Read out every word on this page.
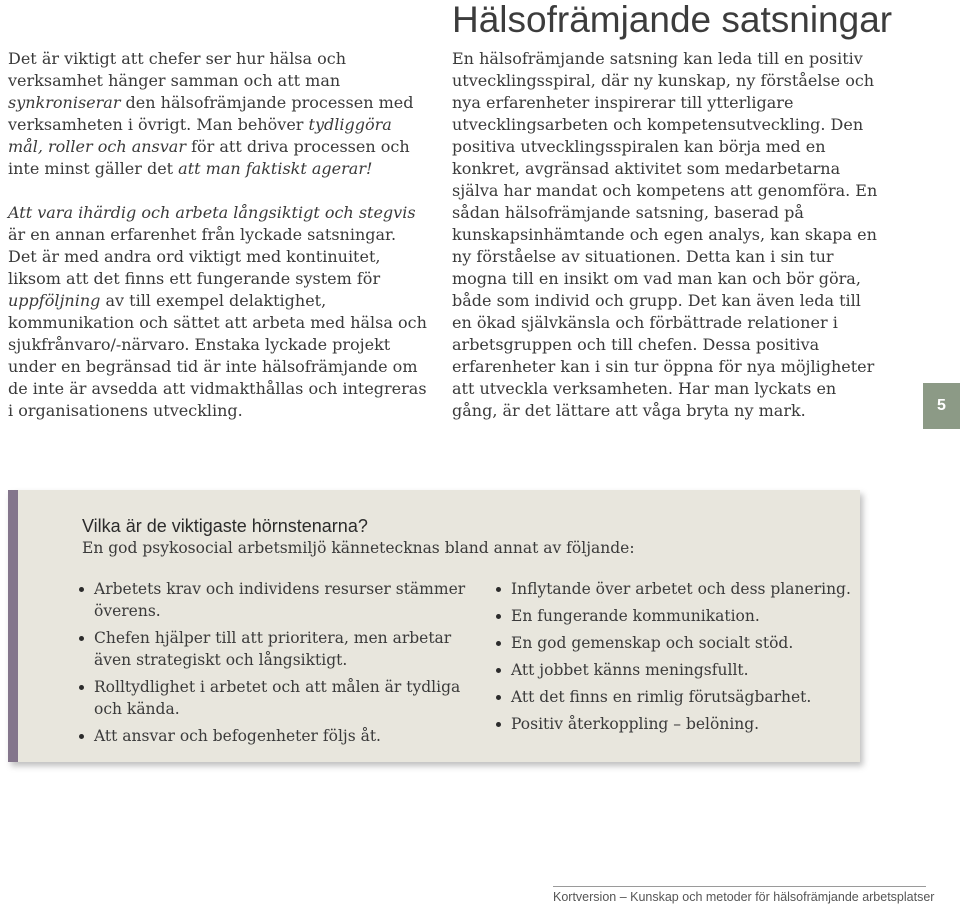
Hälsofrämjande satsningar

Det är viktigt att chefer ser hur hälsa och verksamhet hänger samman och att man synkroniserar den hälsofrämjande processen med verksamheten i övrigt. Man behöver tydliggöra mål, roller och ansvar för att driva processen och inte minst gäller det att man faktiskt agerar!

Att vara ihärdig och arbeta långsiktigt och stegvis är en annan erfarenhet från lyckade satsningar. Det är med andra ord viktigt med kontinuitet, liksom att det finns ett fungerande system för uppföljning av till exempel delaktighet, kommunikation och sättet att arbeta med hälsa och sjukfrånvaro/-närvaro. Enstaka lyckade projekt under en begränsad tid är inte hälsofrämjande om de inte är avsedda att vidmakthållas och integreras i organisationens utveckling.

En hälsofrämjande satsning kan leda till en positiv utvecklingsspiral, där ny kunskap, ny förståelse och nya erfarenheter inspirerar till ytterligare utvecklingsarbeten och kompetensutveckling. Den positiva utvecklingsspiralen kan börja med en konkret, avgränsad aktivitet som medarbetarna själva har mandat och kompetens att genomföra. En sådan hälsofrämjande satsning, baserad på kunskapsinhämtande och egen analys, kan skapa en ny förståelse av situationen. Detta kan i sin tur mogna till en insikt om vad man kan och bör göra, både som individ och grupp. Det kan även leda till en ökad självkänsla och förbättrade relationer i arbetsgruppen och till chefen. Dessa positiva erfarenheter kan i sin tur öppna för nya möjligheter att utveckla verksamheten. Har man lyckats en gång, är det lättare att våga bryta ny mark.	5
Vilka är de viktigaste hörnstenarna?

En god psykosocial arbetsmiljö kännetecknas bland annat av följande:

Arbetets krav och individens resurser stämmer överens.
Chefen hjälper till att prioritera, men arbetar även strategiskt och långsiktigt.
Rolltydlighet i arbetet och att målen är tydliga och kända.
Att ansvar och befogenheter följs åt.
Inflytande över arbetet och dess planering.
En fungerande kommunikation.
En god gemenskap och socialt stöd.
Att jobbet känns meningsfullt.
Att det finns en rimlig förutsägbarhet.
Positiv återkoppling – belöning.
Kortversion – Kunskap och metoder för hälsofrämjande arbetsplatser
